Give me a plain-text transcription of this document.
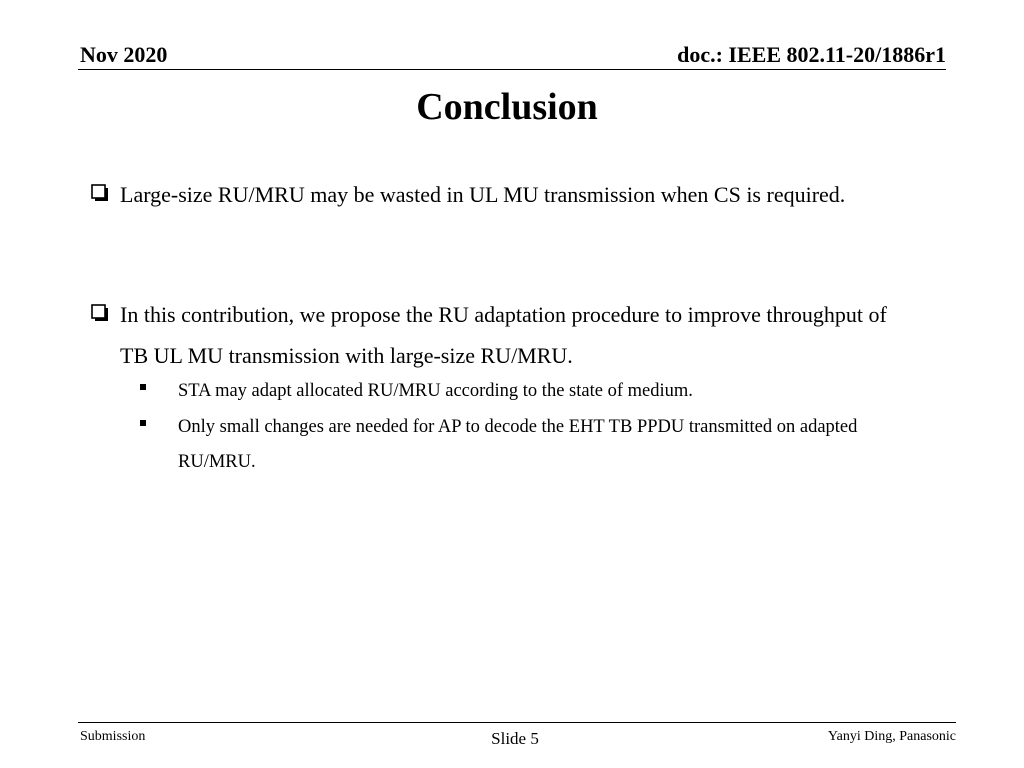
Nov 2020	doc.: IEEE 802.11-20/1886r1
Conclusion
Large-size RU/MRU may be wasted in UL MU transmission when CS is required.
In this contribution, we propose the RU adaptation procedure to improve throughput of TB UL MU transmission with large-size RU/MRU.
STA may adapt allocated RU/MRU according to the state of medium.
Only small changes are needed for AP to decode the EHT TB PPDU transmitted on adapted RU/MRU.
Submission	Slide 5	Yanyi Ding, Panasonic
